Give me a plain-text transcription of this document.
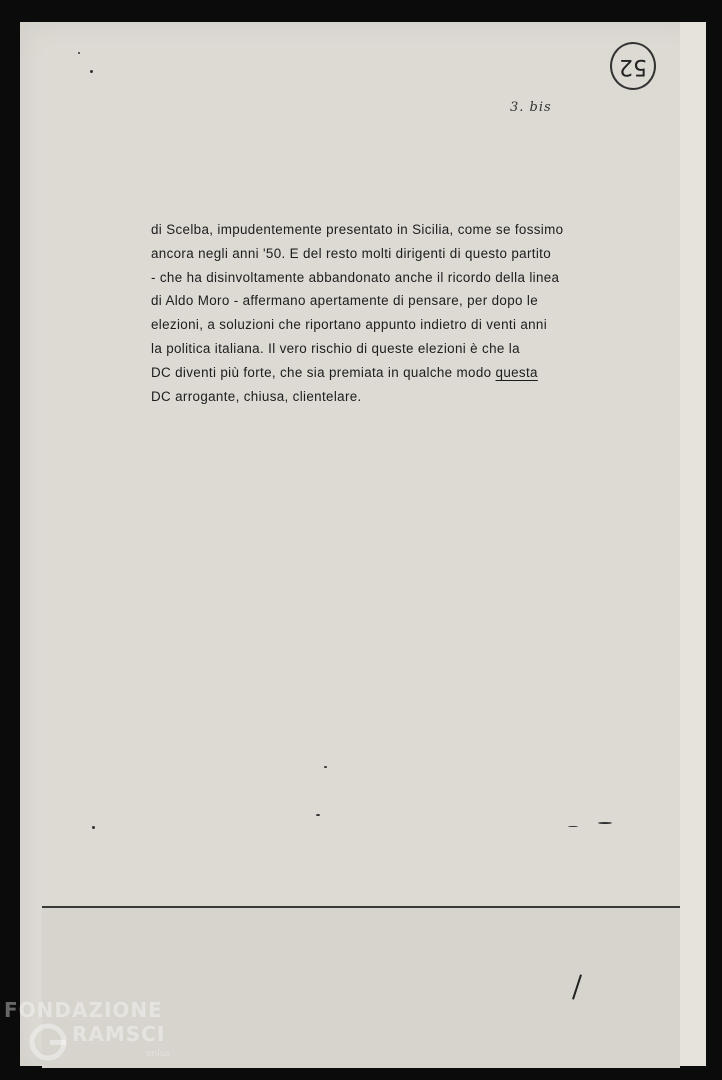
52
3. bis
di Scelba, impudentemente presentato in Sicilia, come se fossimo
ancora negli anni '50. E del resto molti dirigenti di questo partito
- che ha disinvoltamente abbandonato anche il ricordo della linea
di Aldo Moro - affermano apertamente di pensare, per dopo le
elezioni, a soluzioni che riportano appunto indietro di venti anni
la politica italiana. Il vero rischio di queste elezioni è che la
DC diventi più forte, che sia premiata in qualche modo questa
DC arrogante, chiusa, clientelare.
FONDAZIONE
RAMSCI
onlus
